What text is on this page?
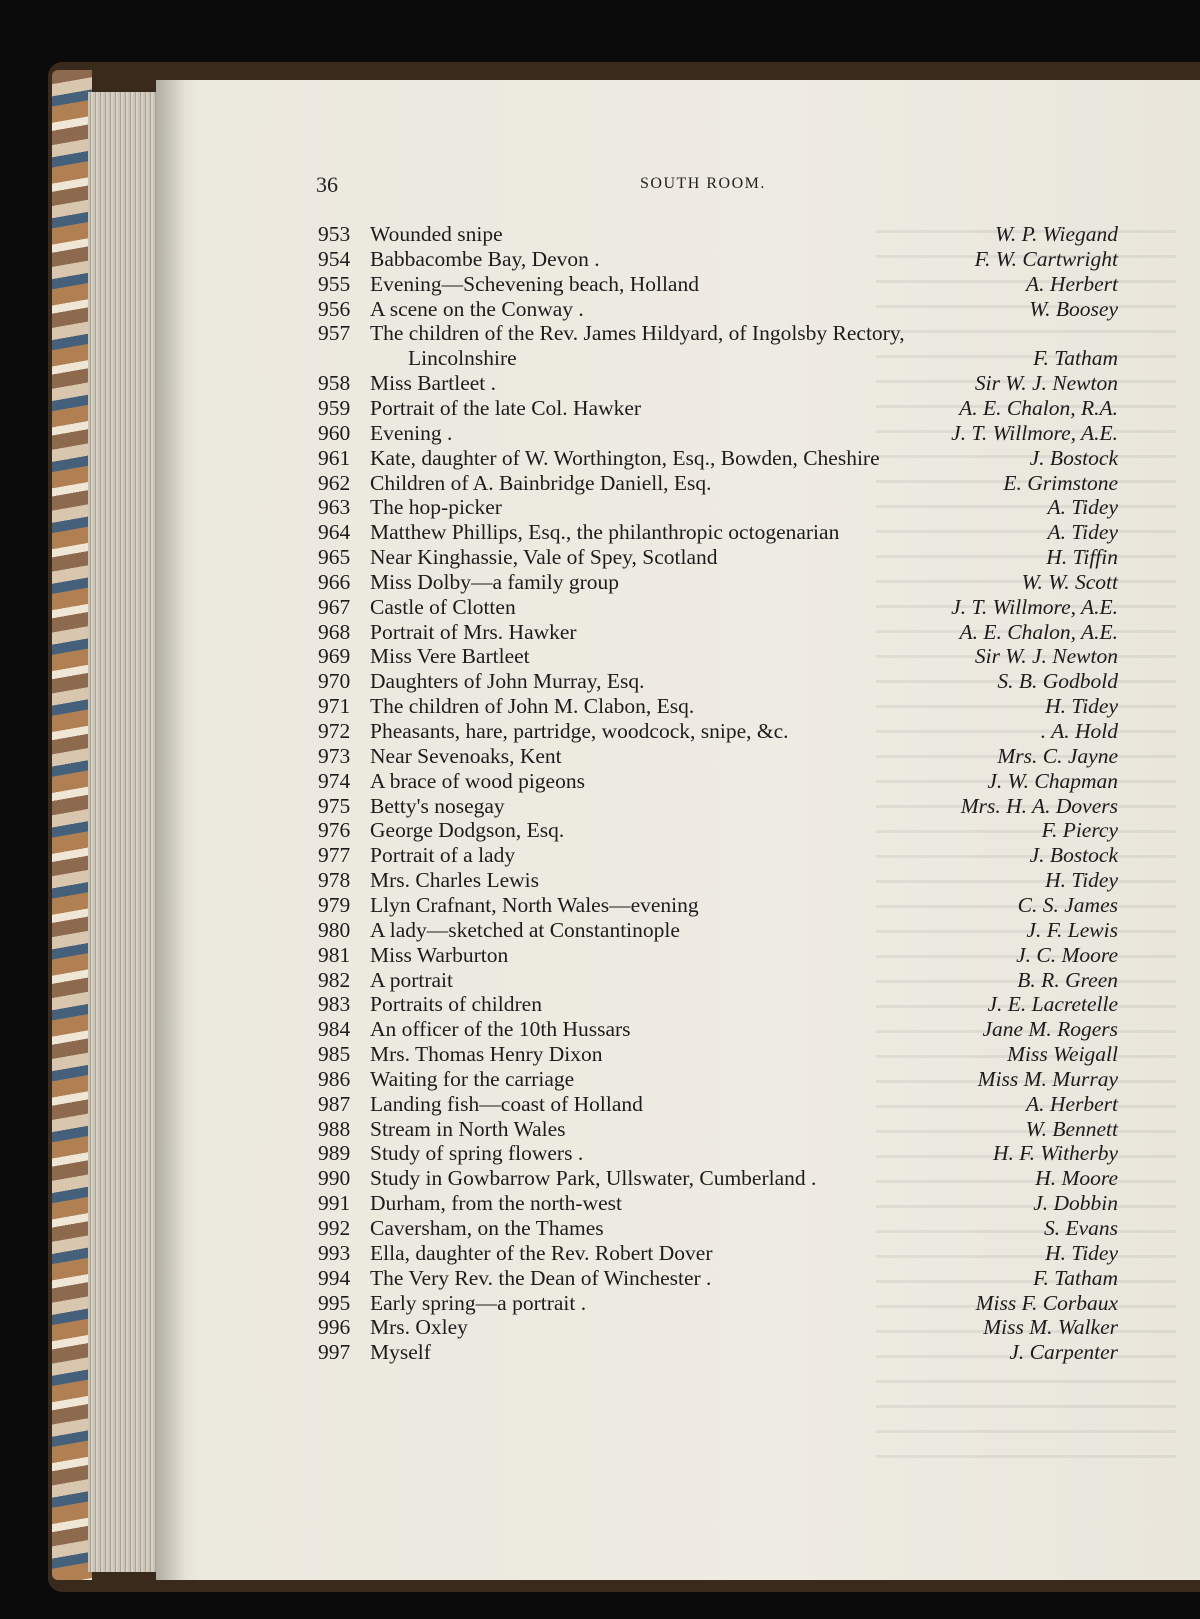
36	SOUTH ROOM.
953 Wounded snipe	W. P. Wiegand
954 Babbacombe Bay, Devon .	F. W. Cartwright
955 Evening—Schevening beach, Holland	A. Herbert
956 A scene on the Conway .	W. Boosey
957 The children of the Rev. James Hildyard, of Ingolsby Rectory,
Lincolnshire	F. Tatham
958 Miss Bartleet .	Sir W. J. Newton
959 Portrait of the late Col. Hawker	A. E. Chalon, R.A.
960 Evening .	J. T. Willmore, A.E.
961 Kate, daughter of W. Worthington, Esq., Bowden, Cheshire	J. Bostock
962 Children of A. Bainbridge Daniell, Esq.	E. Grimstone
963 The hop-picker	A. Tidey
964 Matthew Phillips, Esq., the philanthropic octogenarian	A. Tidey
965 Near Kinghassie, Vale of Spey, Scotland	H. Tiffin
966 Miss Dolby—a family group	W. W. Scott
967 Castle of Clotten	J. T. Willmore, A.E.
968 Portrait of Mrs. Hawker	A. E. Chalon, A.E.
969 Miss Vere Bartleet	Sir W. J. Newton
970 Daughters of John Murray, Esq.	S. B. Godbold
971 The children of John M. Clabon, Esq.	H. Tidey
972 Pheasants, hare, partridge, woodcock, snipe, &c.	. A. Hold
973 Near Sevenoaks, Kent	Mrs. C. Jayne
974 A brace of wood pigeons	J. W. Chapman
975 Betty's nosegay	Mrs. H. A. Dovers
976 George Dodgson, Esq.	F. Piercy
977 Portrait of a lady	J. Bostock
978 Mrs. Charles Lewis	H. Tidey
979 Llyn Crafnant, North Wales—evening	C. S. James
980 A lady—sketched at Constantinople	J. F. Lewis
981 Miss Warburton	J. C. Moore
982 A portrait	B. R. Green
983 Portraits of children	J. E. Lacretelle
984 An officer of the 10th Hussars	Jane M. Rogers
985 Mrs. Thomas Henry Dixon	Miss Weigall
986 Waiting for the carriage	Miss M. Murray
987 Landing fish—coast of Holland	A. Herbert
988 Stream in North Wales	W. Bennett
989 Study of spring flowers .	H. F. Witherby
990 Study in Gowbarrow Park, Ullswater, Cumberland .	H. Moore
991 Durham, from the north-west	J. Dobbin
992 Caversham, on the Thames	S. Evans
993 Ella, daughter of the Rev. Robert Dover	H. Tidey
994 The Very Rev. the Dean of Winchester .	F. Tatham
995 Early spring—a portrait .	Miss F. Corbaux
996 Mrs. Oxley	Miss M. Walker
997 Myself	J. Carpenter
